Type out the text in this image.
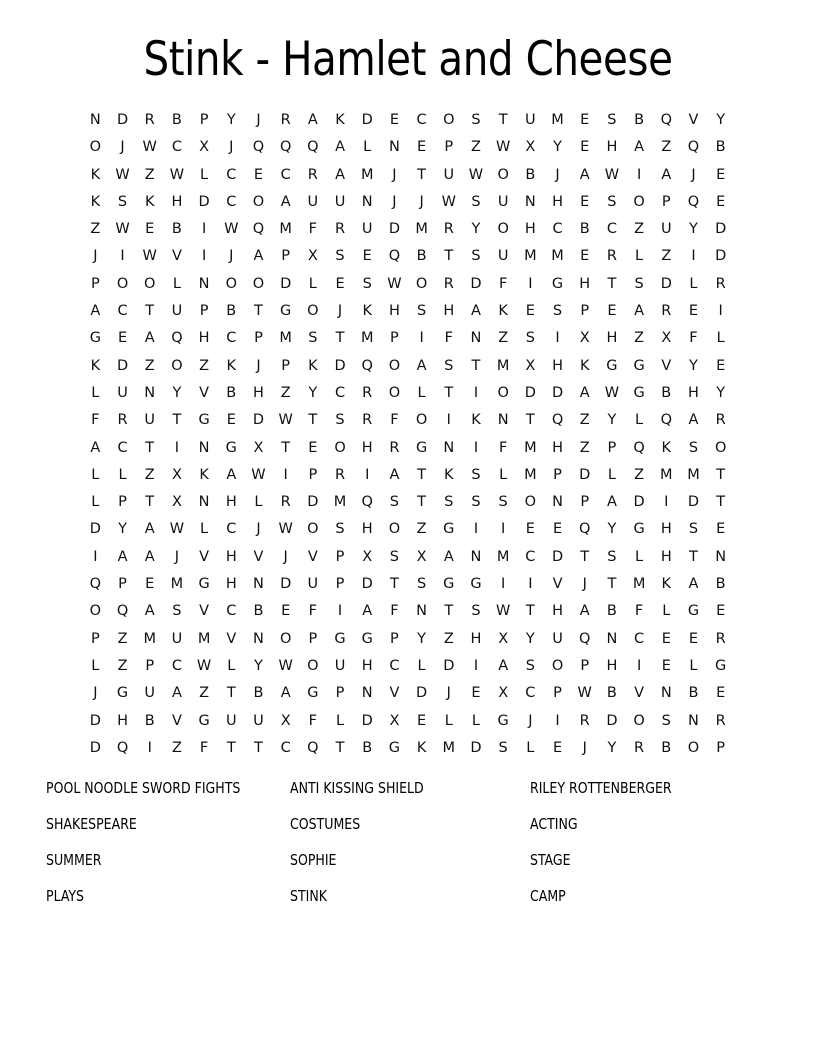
Stink - Hamlet and Cheese
N	D	R	B	P	Y	J	R	A	K	D	E	C	O	S	T	U	M	E	S	B	Q	V	Y
O	J	W	C	X	J	Q	Q	Q	A	L	N	E	P	Z	W	X	Y	E	H	A	Z	Q	B
K	W	Z	W	L	C	E	C	R	A	M	J	T	U	W O	B	J	A	W	I	A	J	E
K	S	K	H	D	C	O	A	U	U	N	J	J	W	S	U	N	H	E	S	O	P	Q	E
Z	W	E	B	I	W Q	M	F	R	U	D	M	R	Y	O	H	C	B	C	Z	U	Y	D
J	I	W	V	I	J	A	P	X	S	E	Q	B	T	S	U	M	M	E	R	L	Z	I	D
P	O	O	L	N	O	O	D	L	E	S	W O	R	D	F	I	G	H	T	S	D	L	R
A	C	T	U	P	B	T	G	O	J	K	H	S	H	A	K	E	S	P	E	A	R	E	I
G	E	A	Q	H	C	P	M	S	T	M	P	I	F	N	Z	S	I	X	H	Z	X	F	L
K	D	Z	O	Z	K	J	P	K	D	Q	O	A	S	T	M	X	H	K	G	G	V	Y	E
L	U	N	Y	V	B	H	Z	Y	C	R	O	L	T	I	O	D	D	A	W G	B	H	Y
F	R	U	T	G	E	D W	T	S	R	F	O	I	K	N	T	Q	Z	Y	L	Q	A	R
A	C	T	I	N	G	X	T	E	O	H	R	G	N	I	F	M	H	Z	P	Q	K	S	O
L	L	Z	X	K	A	W	I	P	R	I	A	T	K	S	L	M	P	D	L	Z	M	M	T
L	P	T	X	N	H	L	R	D	M	Q	S	T	S	S	S	O	N	P	A	D	I	D	T
D	Y	A	W	L	C	J	W O	S	H	O	Z	G	I	I	E	E	Q	Y	G	H	S	E
I	A	A	J	V	H	V	J	V	P	X	S	X	A	N	M	C	D	T	S	L	H	T	N
Q	P	E	M	G	H	N	D	U	P	D	T	S	G	G	I	I	V	J	T	M	K	A	B
O	Q	A	S	V	C	B	E	F	I	A	F	N	T	S	W	T	H	A	B	F	L	G	E
P	Z	M	U	M	V	N	O	P	G	G	P	Y	Z	H	X	Y	U	Q	N	C	E	E	R
L	Z	P	C	W	L	Y	W O	U	H	C	L	D	I	A	S	O	P	H	I	E	L	G
J	G	U	A	Z	T	B	A	G	P	N	V	D	J	E	X	C	P	W	B	V	N	B	E
D	H	B	V	G	U	U	X	F	L	D	X	E	L	L	G	J	I	R	D	O	S	N	R
D	Q	I	Z	F	T	T	C	Q	T	B	G	K	M	D	S	L	E	J	Y	R	B	O	P
POOL NOODLE SWORD FIGHTS	ANTI KISSING SHIELD	RILEY ROTTENBERGER
SHAKESPEARE	COSTUMES	ACTING
SUMMER	SOPHIE	STAGE
PLAYS	STINK	CAMP
